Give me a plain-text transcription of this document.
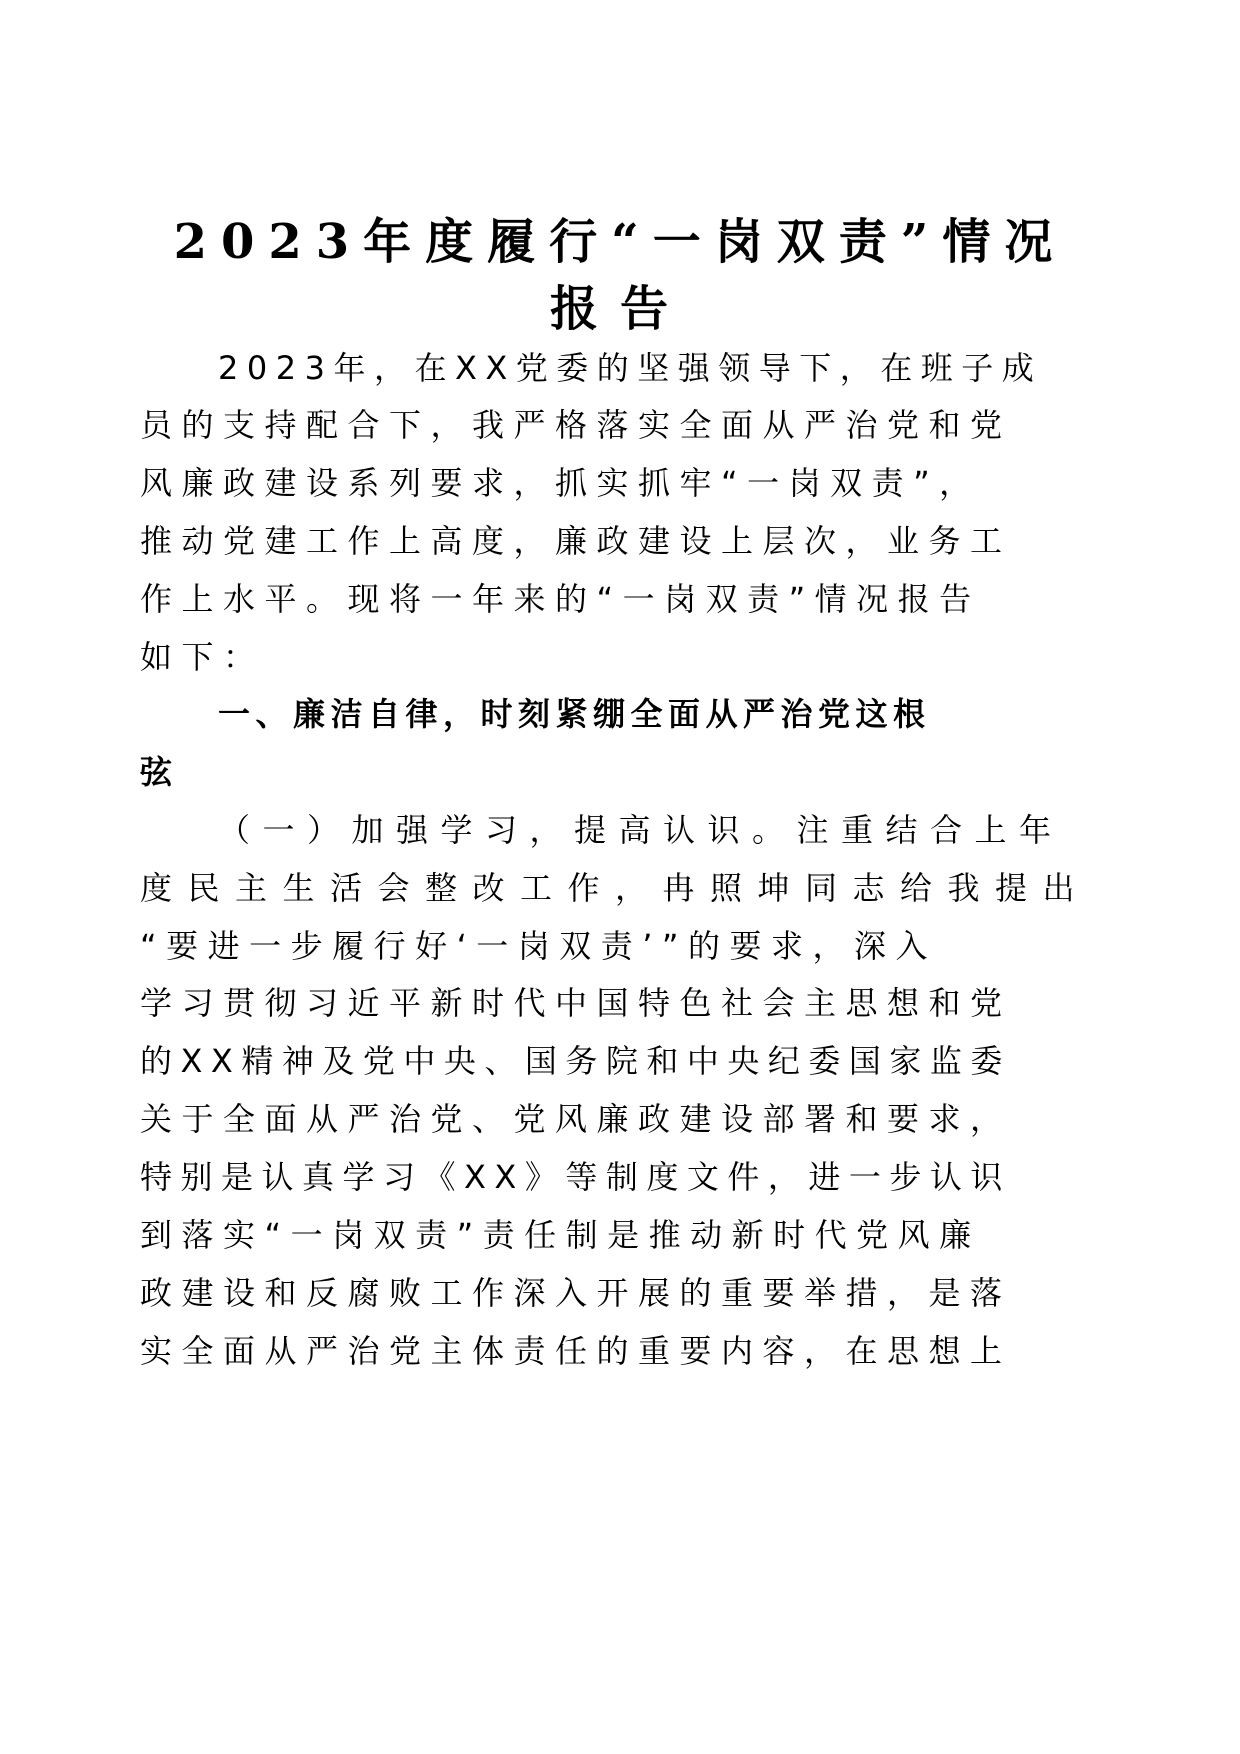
2023年度履行“一岗双责”情况
报告
2023年，在XX党委的坚强领导下，在班子成
员的支持配合下，我严格落实全面从严治党和党
风廉政建设系列要求，抓实抓牢“一岗双责”，
推动党建工作上高度，廉政建设上层次，业务工
作上水平。现将一年来的“一岗双责”情况报告
如下：
一、廉洁自律，时刻紧绷全面从严治党这根
弦
（一）加强学习，提高认识。注重结合上年
度民主生活会整改工作，冉照坤同志给我提出
“要进一步履行好‘一岗双责’”的要求，深入
学习贯彻习近平新时代中国特色社会主思想和党
的XX精神及党中央、国务院和中央纪委国家监委
关于全面从严治党、党风廉政建设部署和要求，
特别是认真学习《XX》等制度文件，进一步认识
到落实“一岗双责”责任制是推动新时代党风廉
政建设和反腐败工作深入开展的重要举措，是落
实全面从严治党主体责任的重要内容，在思想上
